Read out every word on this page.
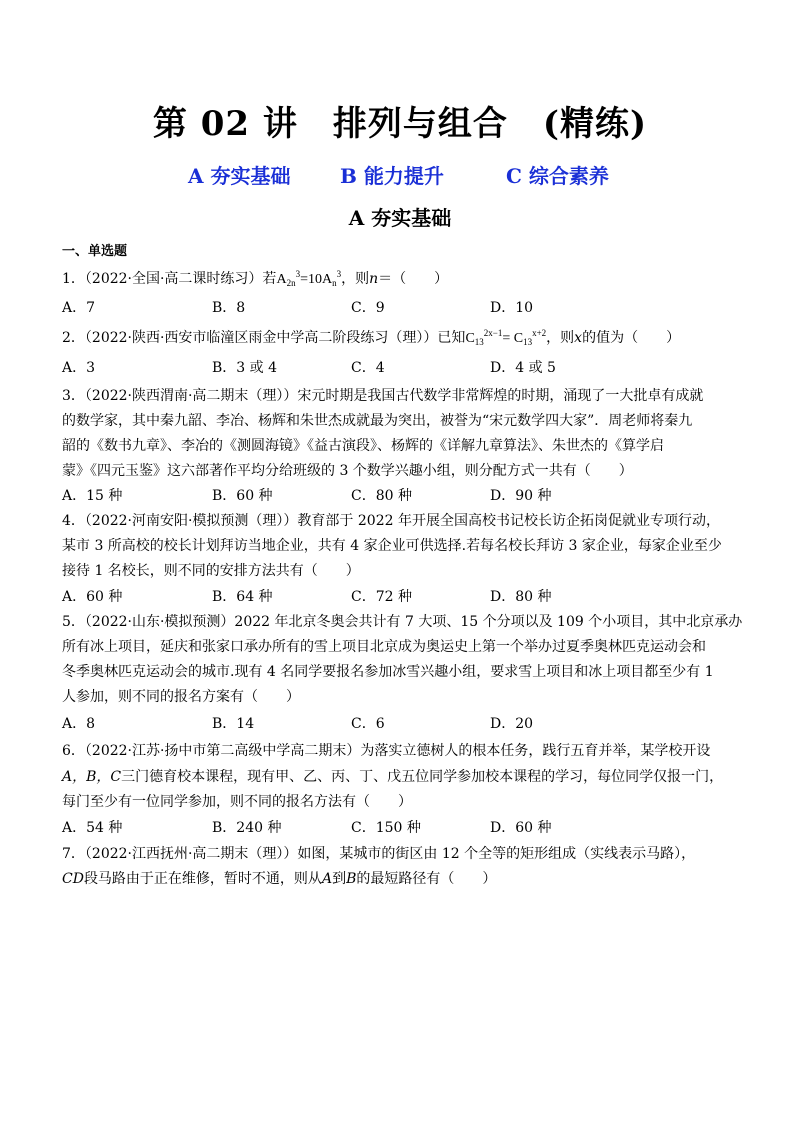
第 02 讲　排列与组合　(精练)
A 夯实基础 B 能力提升	C 综合素养
A 夯实基础
一、单选题
1．（2022·全国·高二课时练习）若$A_{2n}^3=10A_n^3$，则n＝（　　）
A．7	B．8	C．9	D．10
2．（2022·陕西·西安市临潼区雨金中学高二阶段练习（理））已知$C_{13}^{2x-1}= C_{13}^{x+2}$，则x的值为（　　）
A．3	B．3 或 4	C．4	D．4 或 5
3．（2022·陕西渭南·高二期末（理））宋元时期是我国古代数学非常辉煌的时期，涌现了一大批卓有成就
的数学家，其中秦九韶、李冶、杨辉和朱世杰成就最为突出，被誉为“宋元数学四大家”．周老师将秦九
韶的《数书九章》、李冶的《测圆海镜》《益古演段》、杨辉的《详解九章算法》、朱世杰的《算学启
蒙》《四元玉鉴》这六部著作平均分给班级的 3 个数学兴趣小组，则分配方式一共有（　　）
A．15 种	B．60 种	C．80 种	D．90 种
4．（2022·河南安阳·模拟预测（理））教育部于 2022 年开展全国高校书记校长访企拓岗促就业专项行动，
某市 3 所高校的校长计划拜访当地企业，共有 4 家企业可供选择.若每名校长拜访 3 家企业，每家企业至少
接待 1 名校长，则不同的安排方法共有（　　）
A．60 种	B．64 种	C．72 种	D．80 种
5．（2022·山东·模拟预测）2022 年北京冬奥会共计有 7 大项、15 个分项以及 109 个小项目，其中北京承办
所有冰上项目，延庆和张家口承办所有的雪上项目北京成为奥运史上第一个举办过夏季奥林匹克运动会和
冬季奥林匹克运动会的城市.现有 4 名同学要报名参加冰雪兴趣小组，要求雪上项目和冰上项目都至少有 1
人参加，则不同的报名方案有（　　）
A．8	B．14	C．6	D．20
6．（2022·江苏·扬中市第二高级中学高二期末）为落实立德树人的根本任务，践行五育并举，某学校开设
A，B，C三门德育校本课程，现有甲、乙、丙、丁、戊五位同学参加校本课程的学习，每位同学仅报一门，
每门至少有一位同学参加，则不同的报名方法有（　　）
A．54 种	B．240 种	C．150 种	D．60 种
7．（2022·江西抚州·高二期末（理））如图，某城市的街区由 12 个全等的矩形组成（实线表示马路），
CD段马路由于正在维修，暂时不通，则从A到B的最短路径有（　　）
